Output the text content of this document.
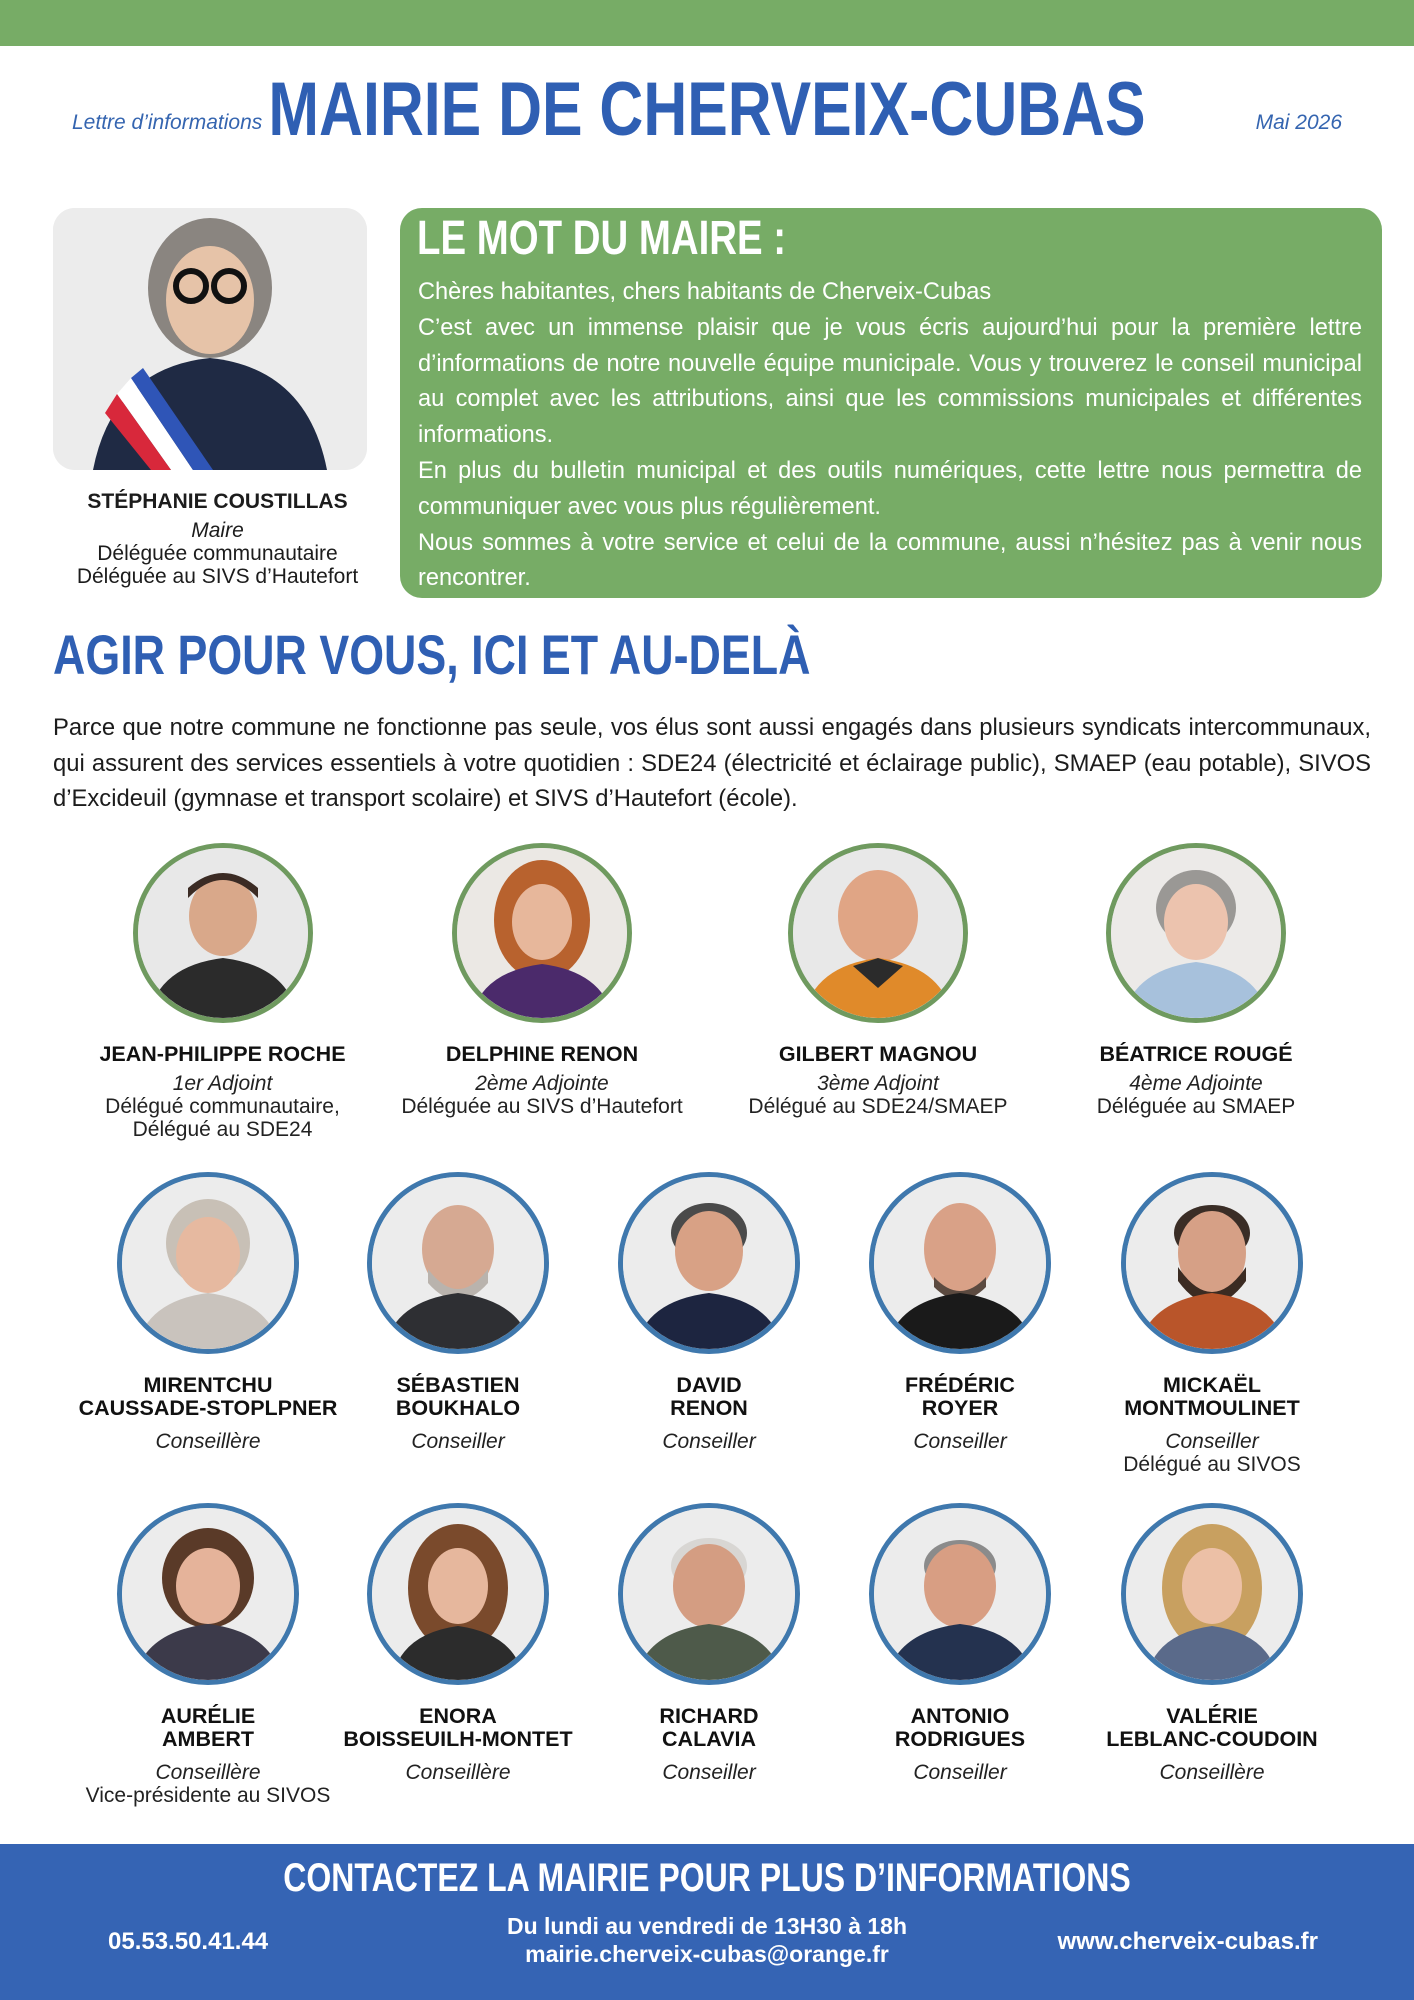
Lettre d’informations MAIRIE DE CHERVEIX-CUBAS	Mai 2026
STÉPHANIE COUSTILLAS
Maire
Déléguée communautaire
Déléguée au SIVS d’Hautefort
LE MOT DU MAIRE :

Chères habitantes, chers habitants de Cherveix-Cubas

C’est avec un immense plaisir que je vous écris aujourd’hui pour la première lettre d’informations de notre nouvelle équipe municipale. Vous y trouverez le conseil municipal au complet avec les attributions, ainsi que les commissions municipales et différentes informations.

En plus du bulletin municipal et des outils numériques, cette lettre nous permettra de communiquer avec vous plus régulièrement.

Nous sommes à votre service et celui de la commune, aussi n’hésitez pas à venir nous rencontrer.

AGIR POUR VOUS, ICI ET AU-DELÀ
Parce que notre commune ne fonctionne pas seule, vos élus sont aussi engagés dans plusieurs syndicats intercommunaux, qui assurent des services essentiels à votre quotidien : SDE24 (électricité et éclairage public), SMAEP (eau potable), SIVOS d’Excideuil (gymnase et transport scolaire) et SIVS d’Hautefort (école).
JEAN-PHILIPPE ROCHE
1er Adjoint
Délégué communautaire,
Délégué au SDE24
DELPHINE RENON
2ème Adjointe
Déléguée au SIVS d’Hautefort
GILBERT MAGNOU
3ème Adjoint
Délégué au SDE24/SMAEP
BÉATRICE ROUGÉ
4ème Adjointe
Déléguée au SMAEP
MIRENTCHU
CAUSSADE-STOPLPNER
Conseillère
SÉBASTIEN
BOUKHALO
Conseiller
DAVID
RENON
Conseiller
FRÉDÉRIC
ROYER
Conseiller
MICKAËL
MONTMOULINET
Conseiller
Délégué au SIVOS
AURÉLIE
AMBERT
Conseillère
Vice-présidente au SIVOS
ENORA
BOISSEUILH-MONTET
Conseillère
RICHARD
CALAVIA
Conseiller
ANTONIO
RODRIGUES
Conseiller
VALÉRIE
LEBLANC-COUDOIN
Conseillère
CONTACTEZ LA MAIRIE POUR PLUS D’INFORMATIONS
05.53.50.41.44
Du lundi au vendredi de 13H30 à 18h
mairie.cherveix-cubas@orange.fr	www.cherveix-cubas.fr
